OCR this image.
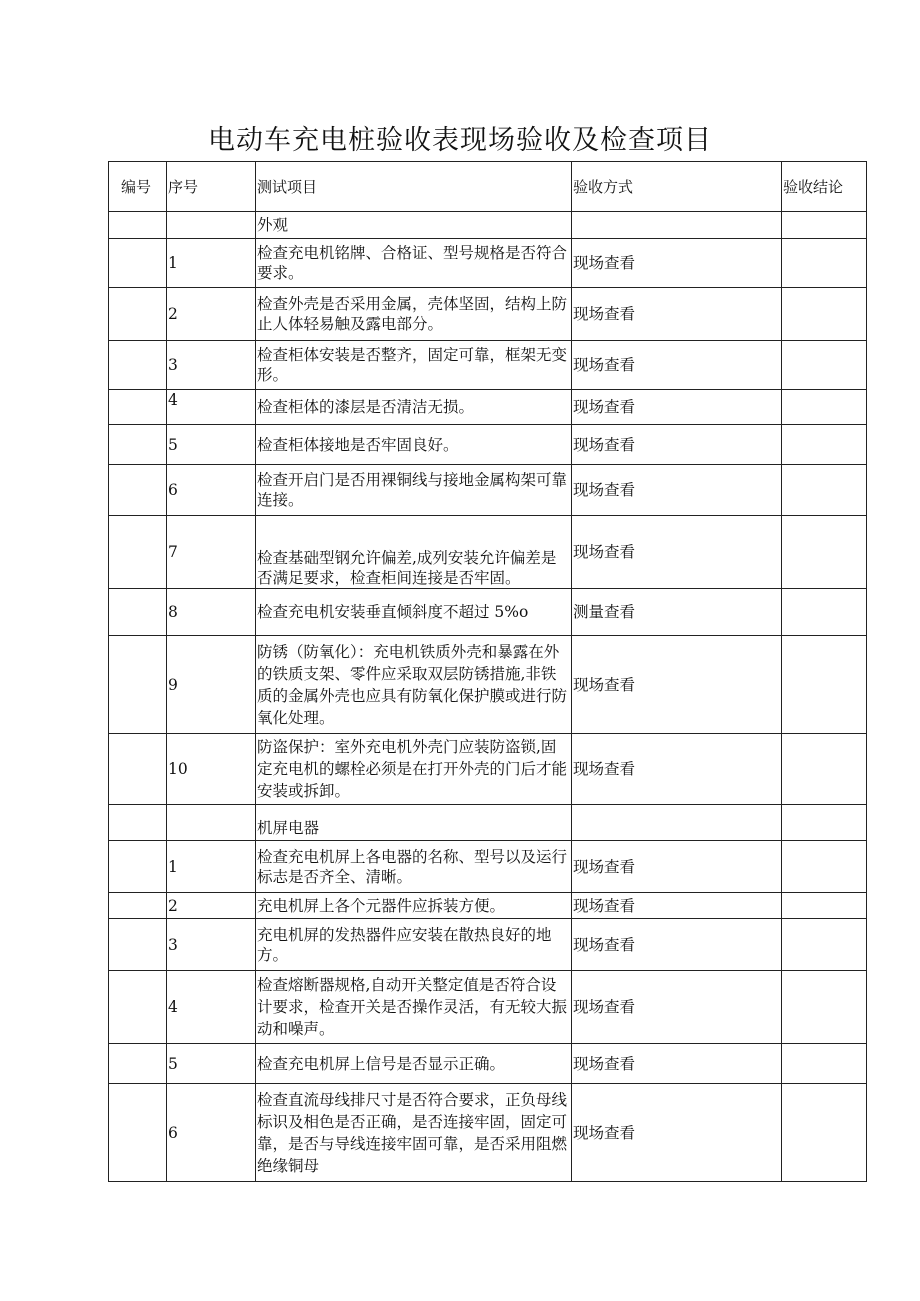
电动车充电桩验收表现场验收及检查项目
编号	序号	测试项目	验收方式	验收结论
		外观		
	1	检查充电机铭牌、合格证、型号规格是否符合要求。	现场查看	
	2	检查外壳是否采用金属，壳体坚固，结构上防止人体轻易触及露电部分。	现场查看	
	3	检查柜体安装是否整齐，固定可靠，框架无变形。	现场查看	
	4	检查柜体的漆层是否清洁无损。	现场查看	
	5	检查柜体接地是否牢固良好。	现场查看	
	6	检查开启门是否用裸铜线与接地金属构架可靠连接。	现场查看	
	7	检查基础型钢允许偏差,成列安装允许偏差是否满足要求，检查柜间连接是否牢固。	现场查看	
	8	检查充电机安装垂直倾斜度不超过 5%o	测量查看	
	9	防锈（防氧化）：充电机铁质外壳和暴露在外的铁质支架、零件应采取双层防锈措施,非铁质的金属外壳也应具有防氧化保护膜或进行防氧化处理。	现场查看	
	10	防盗保护：室外充电机外壳门应装防盗锁,固定充电机的螺栓必须是在打开外壳的门后才能安装或拆卸。	现场查看	
		机屏电器		
	1	检查充电机屏上各电器的名称、型号以及运行标志是否齐全、清晰。	现场查看	
	2	充电机屏上各个元器件应拆装方便。	现场查看	
	3	充电机屏的发热器件应安装在散热良好的地方。	现场查看	
	4	检查熔断器规格,自动开关整定值是否符合设计要求，检查开关是否操作灵活，有无较大振动和噪声。	现场查看	
	5	检查充电机屏上信号是否显示正确。	现场查看	
	6	检查直流母线排尺寸是否符合要求，正负母线标识及相色是否正确，是否连接牢固，固定可靠，是否与导线连接牢固可靠，是否采用阻燃绝缘铜母	现场查看	
